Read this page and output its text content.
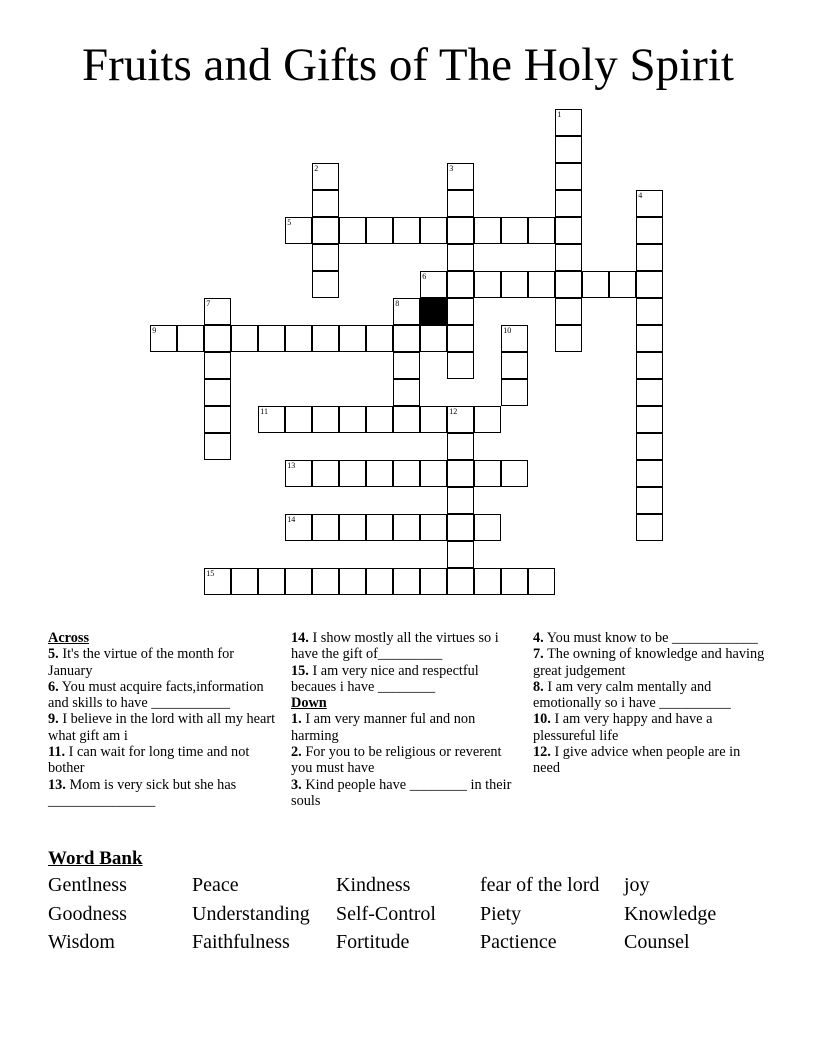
Fruits and Gifts of The Holy Spirit
1
2	3
4
5
6
7	8
9	10
11	12
13
14
15

Across

5. It's the virtue of the month for January

6. You must acquire facts,information and skills to have ___________

9. I believe in the lord with all my heart what gift am i

11. I can wait for long time and not bother

13. Mom is very sick but she has _______________

14. I show mostly all the virtues so i have the gift of_________

15. I am very nice and respectful becaues i have ________

Down

1. I am very manner ful and non harming

2. For you to be religious or reverent you must have

3. Kind people have ________ in their souls

4. You must know to be ____________

7. The owning of knowledge and having great judgement

8. I am very calm mentally and emotionally so i have __________

10. I am very happy and have a plessureful life

12. I give advice when people are in need

Word Bank
Gentlness	Peace	Kindness	fear of the lord joy
Goodness	Understanding Self-Control Piety	Knowledge
Wisdom	Faithfulness Fortitude	Pactience	Counsel
